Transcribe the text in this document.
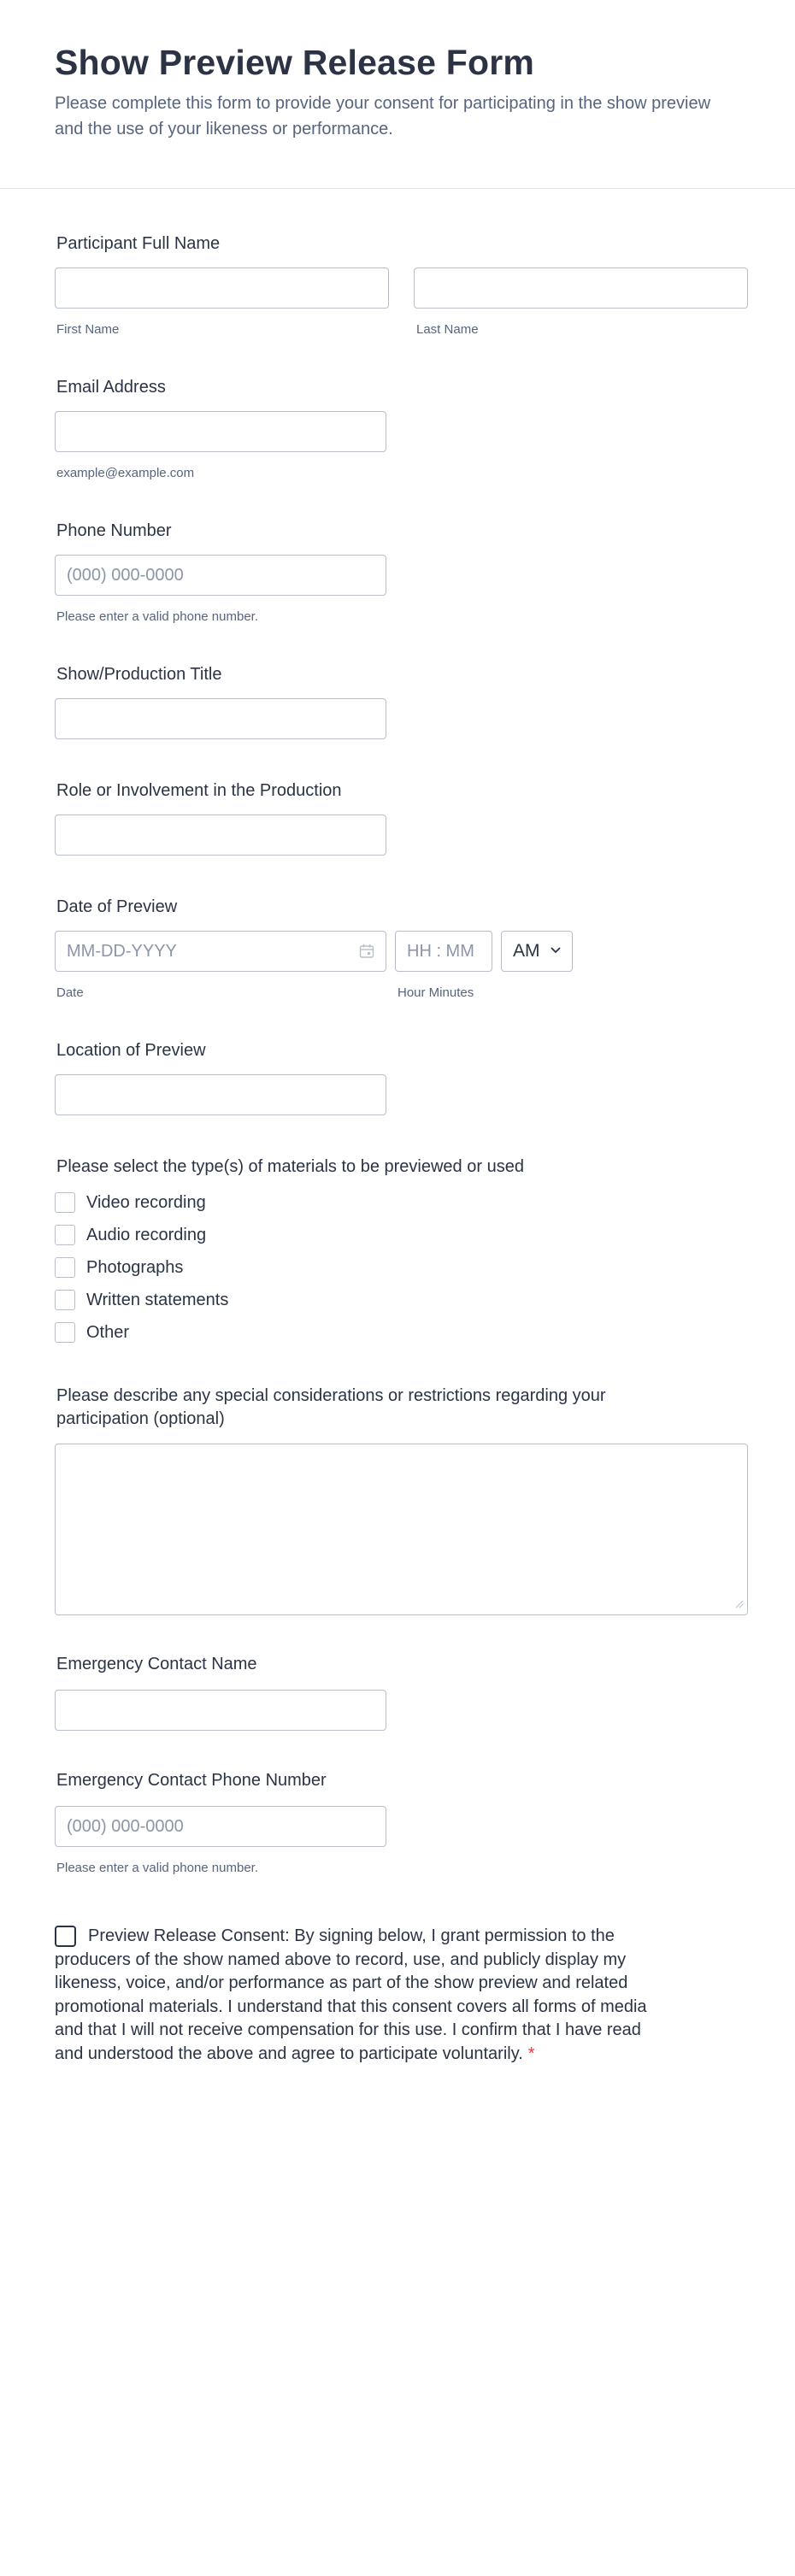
Show Preview Release Form

Please complete this form to provide your consent for participating in the show preview and the use of your likeness or performance.

Participant Full Name
First Name	Last Name
Email Address
example@example.com
Phone Number
(000) 000-0000
Please enter a valid phone number.
Show/Production Title
Role or Involvement in the Production
Date of Preview
MM-DD-YYYY
HH : MM	AM
Date	Hour Minutes
Location of Preview
Please select the type(s) of materials to be previewed or used
Video recording
Audio recording
Photographs
Written statements
Other
Please describe any special considerations or restrictions regarding your participation (optional)
Emergency Contact Name
Emergency Contact Phone Number
(000) 000-0000
Please enter a valid phone number.

Preview Release Consent: By signing below, I grant permission to the producers of the show named above to record, use, and publicly display my likeness, voice, and/or performance as part of the show preview and related promotional materials. I understand that this consent covers all forms of media and that I will not receive compensation for this use. I confirm that I have read and understood the above and agree to participate voluntarily. *
